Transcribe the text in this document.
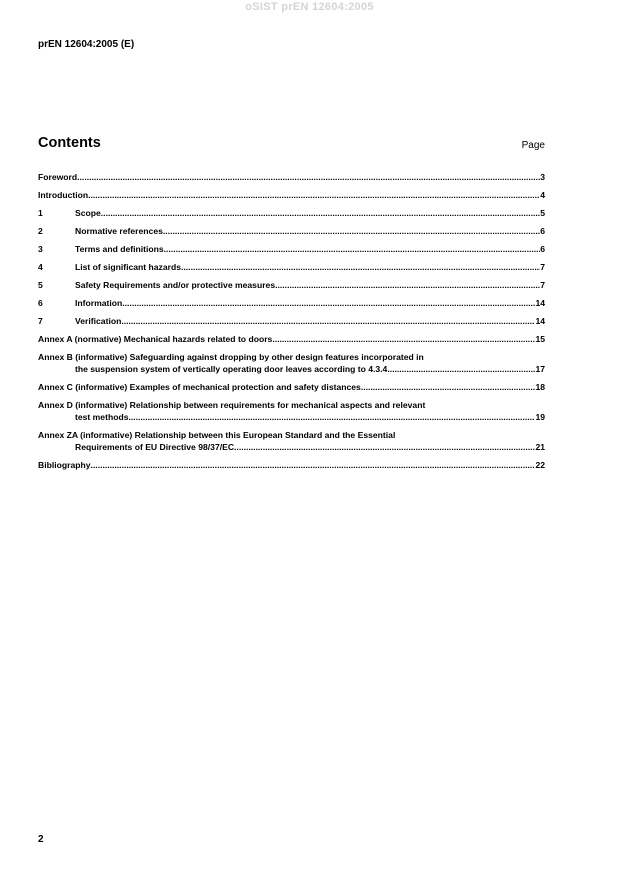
oSIST prEN 12604:2005
prEN 12604:2005 (E)
Contents	Page
Foreword .....	3
Introduction .....	4
1	Scope .....	5
2	Normative references .....	6
3	Terms and definitions .....	6
4	List of significant hazards .....	7
5	Safety Requirements and/or protective measures .....	7
6	Information .....	14
7	Verification .....	14
Annex A (normative) Mechanical hazards related to doors .....	15
Annex B (informative) Safeguarding against dropping by other design features incorporated in
the suspension system of vertically operating door leaves according to 4.3.4 .....	17
Annex C (informative) Examples of mechanical protection and safety distances .....	18
Annex D (informative) Relationship between requirements for mechanical aspects and relevant
test methods .....	19
Annex ZA (informative) Relationship between this European Standard and the Essential
Requirements of EU Directive 98/37/EC .....	21
Bibliography .....	22
2
